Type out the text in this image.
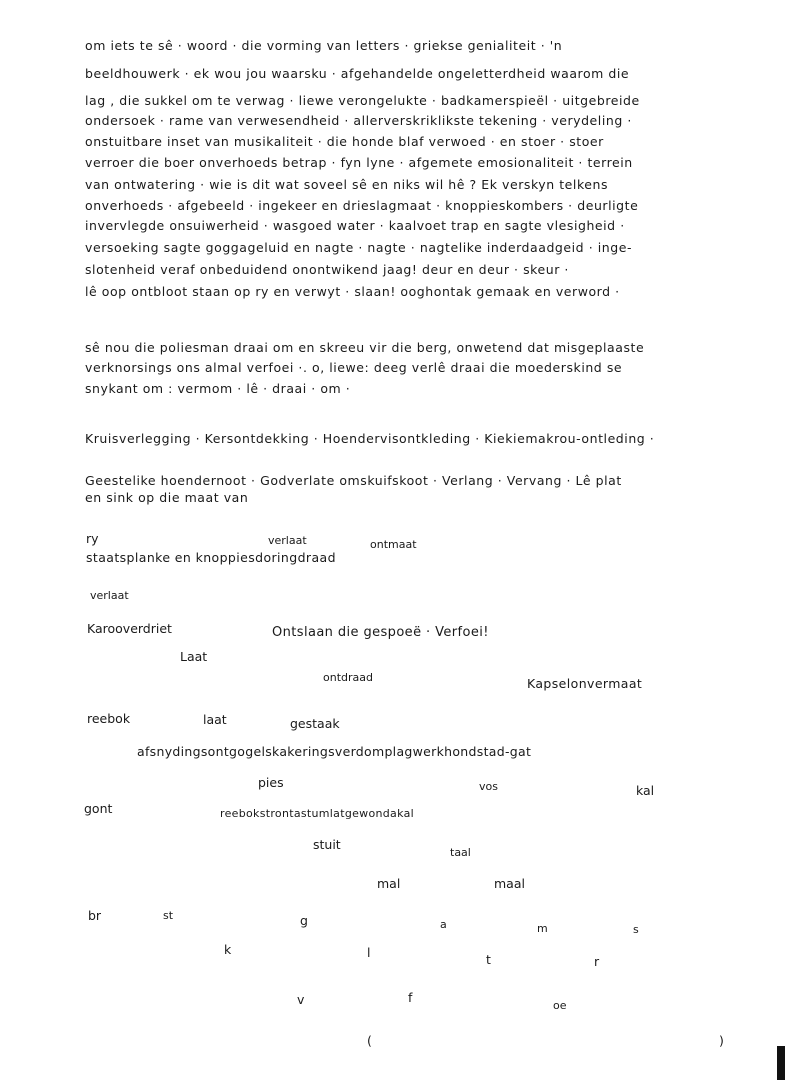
om iets te sê · woord · die vorming van letters · griekse genialiteit · 'n
beeldhouwerk · ek wou jou waarsku · afgehandelde ongeletterdheid waarom die
lag , die sukkel om te verwag · liewe verongelukte · badkamerspieël · uitgebreide
ondersoek · rame van verwesendheid · allerverskriklikste tekening · verydeling ·
onstuitbare inset van musikaliteit · die honde blaf verwoed · en stoer · stoer
verroer die boer onverhoeds betrap · fyn lyne · afgemete emosionaliteit · terrein
van ontwatering · wie is dit wat soveel sê en niks wil hê ? Ek verskyn telkens
onverhoeds · afgebeeld · ingekeer en drieslagmaat · knoppieskombers · deurligte
invervlegde onsuiwerheid · wasgoed water · kaalvoet trap en sagte vlesigheid ·
versoeking sagte goggageluid en nagte · nagte · nagtelike inderdaadgeid · inge-
slotenheid veraf onbeduidend onontwikend jaag! deur en deur · skeur ·
lê oop ontbloot staan op ry en verwyt · slaan! ooghontak gemaak en verword ·
sê nou die poliesman draai om en skreeu vir die berg, onwetend dat misgeplaaste
verknorsings ons almal verfoei ·. o, liewe: deeg verlê draai die moederskind se
snykant om : vermom · lê · draai · om ·
Kruisverlegging · Kersontdekking · Hoendervisontkleding · Kiekiemakrou-ontleding ·
Geestelike hoendernoot · Godverlate omskuifskoot · Verlang · Vervang · Lê plat
en sink op die maat van
ry	verlaat	ontmaat
staatsplanke en knoppiesdoringdraad
verlaat
Karooverdriet	Ontslaan die gespoeë · Verfoei!
Laat
ontdraad	Kapselonvermaat
reebok	laat	gestaak
afsnydingsontgogelskakeringsverdomplagwerkhondstad-gat
pies	vos	kal
gont	reebokstrontastumlatgewondakal
stuit
taal
mal	maal
br	st	g	a	m	s
k	l	t	r
v	f
oe
(	)
